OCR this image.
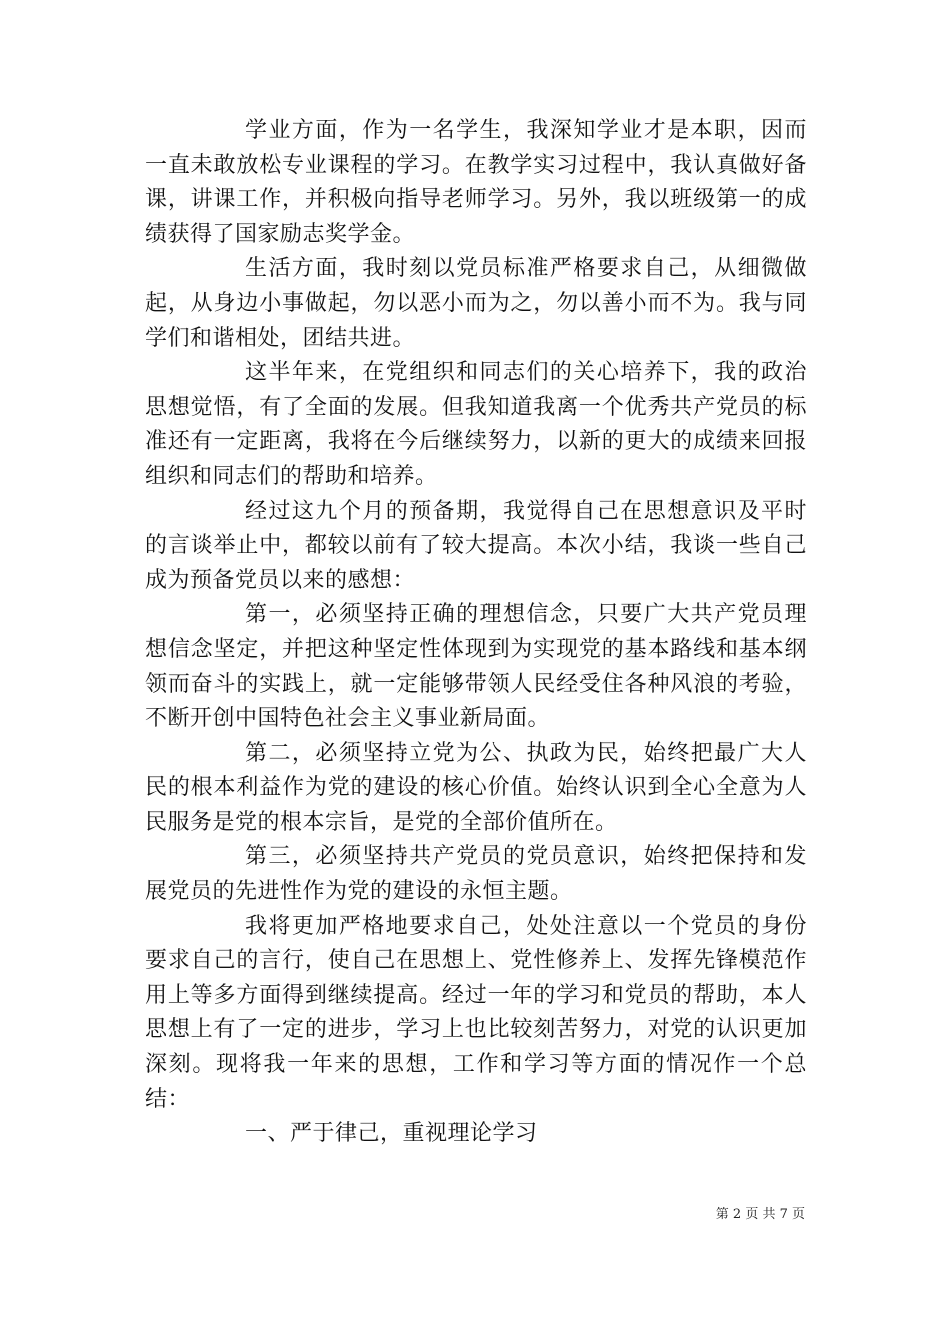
学业方面，作为一名学生，我深知学业才是本职，因而一直未敢放松专业课程的学习。在教学实习过程中，我认真做好备课，讲课工作，并积极向指导老师学习。另外，我以班级第一的成绩获得了国家励志奖学金。

生活方面，我时刻以党员标准严格要求自己，从细微做起，从身边小事做起，勿以恶小而为之，勿以善小而不为。我与同学们和谐相处，团结共进。

这半年来，在党组织和同志们的关心培养下，我的政治思想觉悟，有了全面的发展。但我知道我离一个优秀共产党员的标准还有一定距离，我将在今后继续努力，以新的更大的成绩来回报组织和同志们的帮助和培养。

经过这九个月的预备期，我觉得自己在思想意识及平时的言谈举止中，都较以前有了较大提高。本次小结，我谈一些自己成为预备党员以来的感想：

第一，必须坚持正确的理想信念，只要广大共产党员理想信念坚定，并把这种坚定性体现到为实现党的基本路线和基本纲领而奋斗的实践上，就一定能够带领人民经受住各种风浪的考验，不断开创中国特色社会主义事业新局面。

第二，必须坚持立党为公、执政为民，始终把最广大人民的根本利益作为党的建设的核心价值。始终认识到全心全意为人民服务是党的根本宗旨，是党的全部价值所在。

第三，必须坚持共产党员的党员意识，始终把保持和发展党员的先进性作为党的建设的永恒主题。

我将更加严格地要求自己，处处注意以一个党员的身份要求自己的言行，使自己在思想上、党性修养上、发挥先锋模范作用上等多方面得到继续提高。经过一年的学习和党员的帮助，本人思想上有了一定的进步，学习上也比较刻苦努力，对党的认识更加深刻。现将我一年来的思想，工作和学习等方面的情况作一个总结：

一、严于律己，重视理论学习

第 2 页 共 7 页
